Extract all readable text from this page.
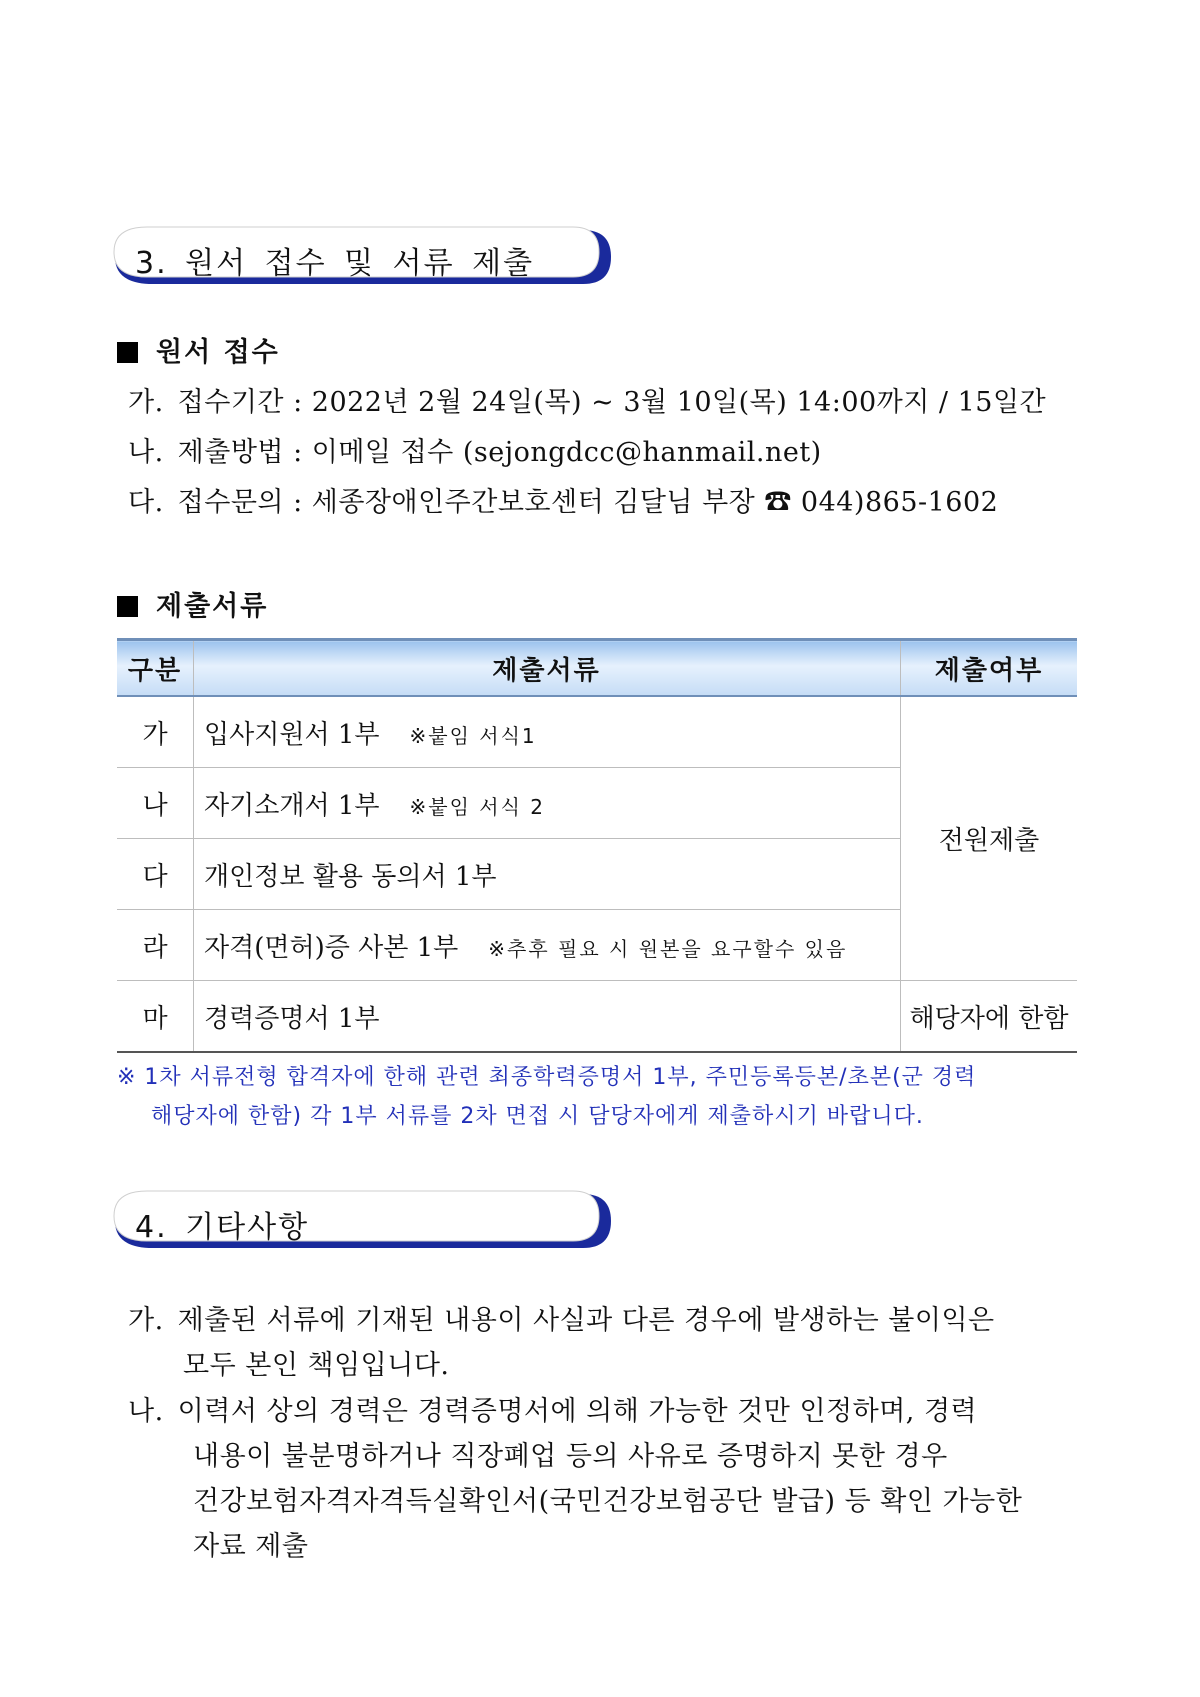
3. 원서 접수 및 서류 제출
원서 접수
가. 접수기간 : 2022년 2월 24일(목) ~ 3월 10일(목) 14:00까지 / 15일간
나. 제출방법 : 이메일 접수 (sejongdcc@hanmail.net)
다. 접수문의 : 세종장애인주간보호센터 김달님 부장 ☎ 044)865-1602
제출서류
구분	제출서류	제출여부
가	입사지원서 1부 ※붙임 서식1	전원제출
나	자기소개서 1부 ※붙임 서식 2	
다	개인정보 활용 동의서 1부	
라	자격(면허)증 사본 1부 ※추후 필요 시 원본을 요구할수 있음	
마	경력증명서 1부	해당자에 한함
※ 1차 서류전형 합격자에 한해 관련 최종학력증명서 1부, 주민등록등본/초본(군 경력
해당자에 한함) 각 1부 서류를 2차 면접 시 담당자에게 제출하시기 바랍니다.
4. 기타사항
가. 제출된 서류에 기재된 내용이 사실과 다른 경우에 발생하는 불이익은
모두 본인 책임입니다.
나. 이력서 상의 경력은 경력증명서에 의해 가능한 것만 인정하며, 경력
내용이 불분명하거나 직장폐업 등의 사유로 증명하지 못한 경우
건강보험자격자격득실확인서(국민건강보험공단 발급) 등 확인 가능한
자료 제출
